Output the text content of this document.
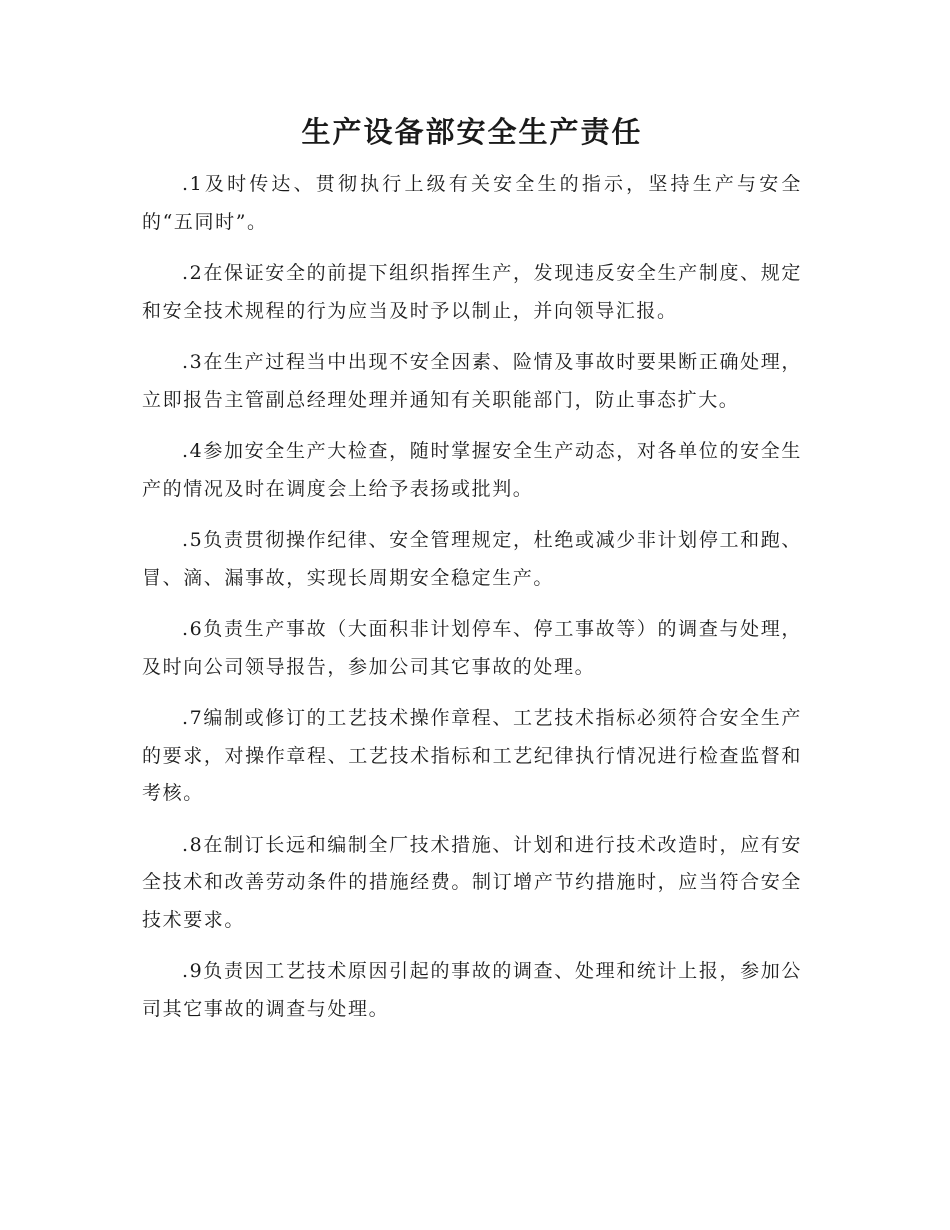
生产设备部安全生产责任

.1及时传达、贯彻执行上级有关安全生的指示，坚持生产与安全的“五同时”。

.2在保证安全的前提下组织指挥生产，发现违反安全生产制度、规定和安全技术规程的行为应当及时予以制止，并向领导汇报。

.3在生产过程当中出现不安全因素、险情及事故时要果断正确处理，立即报告主管副总经理处理并通知有关职能部门，防止事态扩大。

.4参加安全生产大检查，随时掌握安全生产动态，对各单位的安全生产的情况及时在调度会上给予表扬或批判。

.5负责贯彻操作纪律、安全管理规定，杜绝或减少非计划停工和跑、冒、滴、漏事故，实现长周期安全稳定生产。

.6负责生产事故（大面积非计划停车、停工事故等）的调查与处理，及时向公司领导报告，参加公司其它事故的处理。

.7编制或修订的工艺技术操作章程、工艺技术指标必须符合安全生产的要求，对操作章程、工艺技术指标和工艺纪律执行情况进行检查监督和考核。

.8在制订长远和编制全厂技术措施、计划和进行技术改造时，应有安全技术和改善劳动条件的措施经费。制订增产节约措施时，应当符合安全技术要求。

.9负责因工艺技术原因引起的事故的调查、处理和统计上报，参加公司其它事故的调查与处理。
